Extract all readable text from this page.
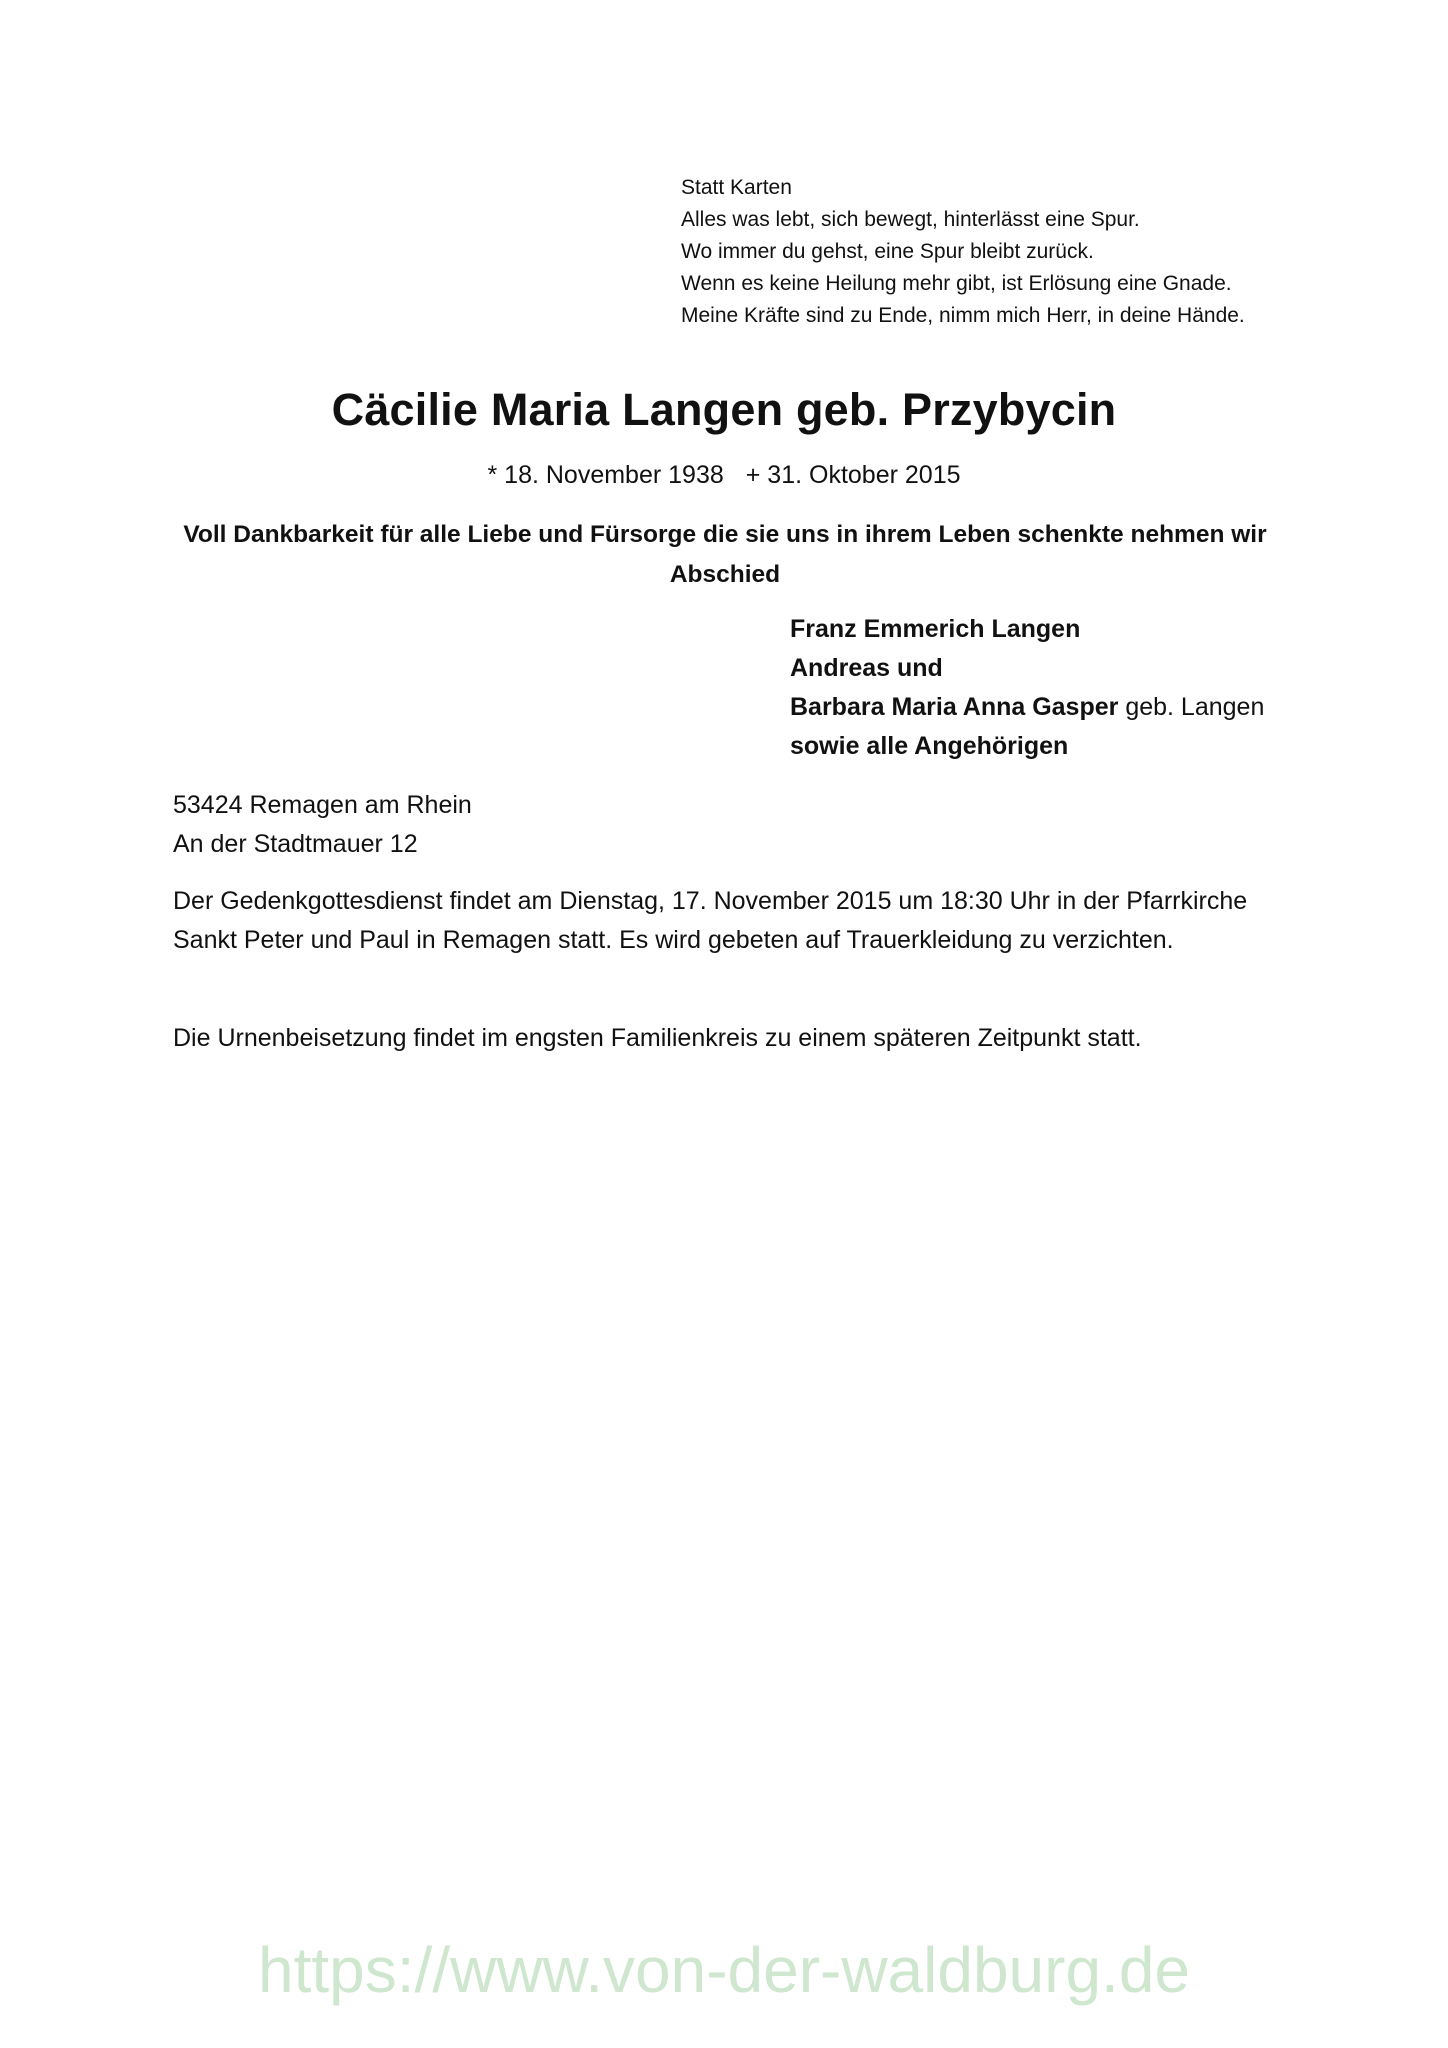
Statt Karten
Alles was lebt, sich bewegt, hinterlässt eine Spur.
Wo immer du gehst, eine Spur bleibt zurück.
Wenn es keine Heilung mehr gibt, ist Erlösung eine Gnade.
Meine Kräfte sind zu Ende, nimm mich Herr, in deine Hände.
Cäcilie Maria Langen geb. Przybycin
* 18. November 1938 + 31. Oktober 2015
Voll Dankbarkeit für alle Liebe und Fürsorge die sie uns in ihrem Leben schenkte nehmen wir Abschied
Franz Emmerich Langen
Andreas und
Barbara Maria Anna Gasper geb. Langen
sowie alle Angehörigen
53424 Remagen am Rhein
An der Stadtmauer 12
Der Gedenkgottesdienst findet am Dienstag, 17. November 2015 um 18:30 Uhr in der Pfarrkirche Sankt Peter und Paul in Remagen statt. Es wird gebeten auf Trauerkleidung zu verzichten.
Die Urnenbeisetzung findet im engsten Familienkreis zu einem späteren Zeitpunkt statt.
https://www.von-der-waldburg.de
